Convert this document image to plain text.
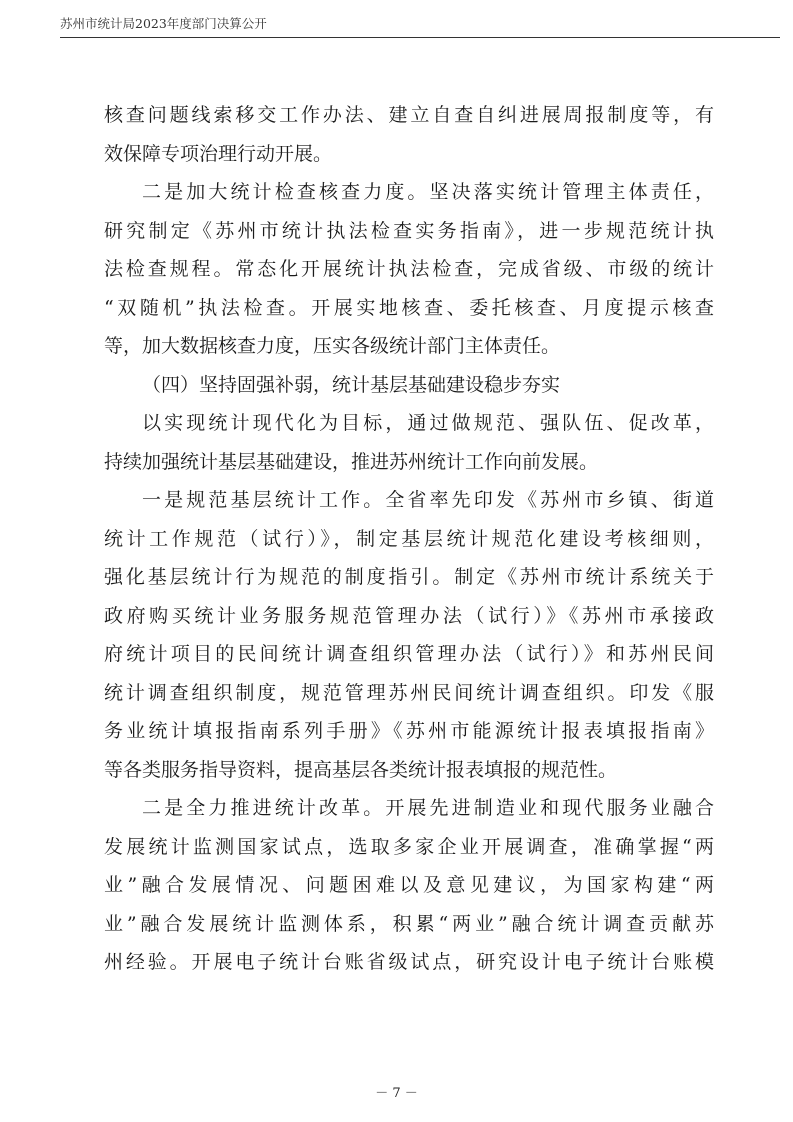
苏州市统计局2023年度部门决算公开
核查问题线索移交工作办法、建立自查自纠进展周报制度等，有
效保障专项治理行动开展。
二是加大统计检查核查力度。坚决落实统计管理主体责任，
研究制定《苏州市统计执法检查实务指南》，进一步规范统计执
法检查规程。常态化开展统计执法检查，完成省级、市级的统计
“双随机”执法检查。开展实地核查、委托核查、月度提示核查
等，加大数据核查力度，压实各级统计部门主体责任。
（四）坚持固强补弱，统计基层基础建设稳步夯实
以实现统计现代化为目标，通过做规范、强队伍、促改革，
持续加强统计基层基础建设，推进苏州统计工作向前发展。
一是规范基层统计工作。全省率先印发《苏州市乡镇、街道
统计工作规范（试行）》，制定基层统计规范化建设考核细则，
强化基层统计行为规范的制度指引。制定《苏州市统计系统关于
政府购买统计业务服务规范管理办法（试行）》《苏州市承接政
府统计项目的民间统计调查组织管理办法（试行）》和苏州民间
统计调查组织制度，规范管理苏州民间统计调查组织。印发《服
务业统计填报指南系列手册》《苏州市能源统计报表填报指南》
等各类服务指导资料，提高基层各类统计报表填报的规范性。
二是全力推进统计改革。开展先进制造业和现代服务业融合
发展统计监测国家试点，选取多家企业开展调查，准确掌握“两
业”融合发展情况、问题困难以及意见建议，为国家构建“两
业”融合发展统计监测体系，积累“两业”融合统计调查贡献苏
州经验。开展电子统计台账省级试点，研究设计电子统计台账模
－ 7 －
